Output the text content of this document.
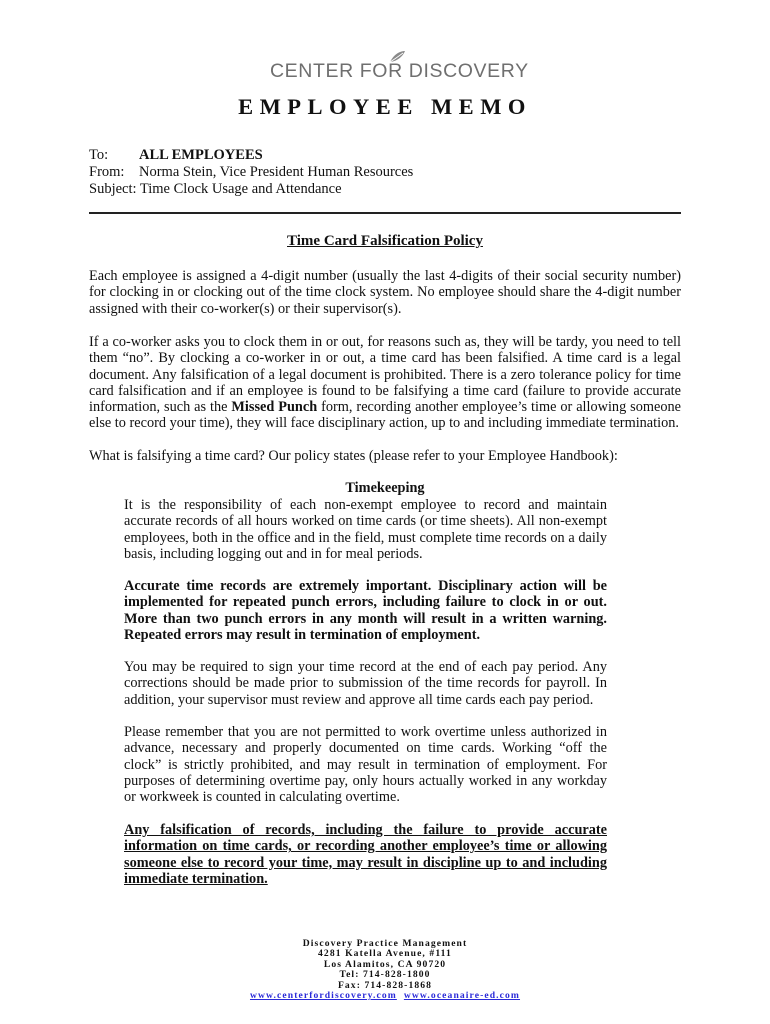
CENTER FOR DISCOVERY
EMPLOYEE MEMO
To: ALL EMPLOYEES
From: Norma Stein, Vice President Human Resources
Subject: Time Clock Usage and Attendance
Time Card Falsification Policy

Each employee is assigned a 4-digit number (usually the last 4-digits of their social security number) for clocking in or clocking out of the time clock system. No employee should share the 4-digit number assigned with their co-worker(s) or their supervisor(s).

If a co-worker asks you to clock them in or out, for reasons such as, they will be tardy, you need to tell them “no”. By clocking a co-worker in or out, a time card has been falsified. A time card is a legal document. Any falsification of a legal document is prohibited. There is a zero tolerance policy for time card falsification and if an employee is found to be falsifying a time card (failure to provide accurate information, such as the Missed Punch form, recording another employee’s time or allowing someone else to record your time), they will face disciplinary action, up to and including immediate termination.

What is falsifying a time card? Our policy states (please refer to your Employee Handbook):

Timekeeping

It is the responsibility of each non-exempt employee to record and maintain accurate records of all hours worked on time cards (or time sheets). All non-exempt employees, both in the office and in the field, must complete time records on a daily basis, including logging out and in for meal periods.

Accurate time records are extremely important. Disciplinary action will be implemented for repeated punch errors, including failure to clock in or out. More than two punch errors in any month will result in a written warning. Repeated errors may result in termination of employment.

You may be required to sign your time record at the end of each pay period. Any corrections should be made prior to submission of the time records for payroll. In addition, your supervisor must review and approve all time cards each pay period.

Please remember that you are not permitted to work overtime unless authorized in advance, necessary and properly documented on time cards. Working “off the clock” is strictly prohibited, and may result in termination of employment. For purposes of determining overtime pay, only hours actually worked in any workday or workweek is counted in calculating overtime.

Any falsification of records, including the failure to provide accurate information on time cards, or recording another employee’s time or allowing someone else to record your time, may result in discipline up to and including immediate termination.

Discovery Practice Management
4281 Katella Avenue, #111
Los Alamitos, CA 90720
Tel: 714-828-1800
Fax: 714-828-1868
www.centerfordiscovery.com www.oceanaire-ed.com
